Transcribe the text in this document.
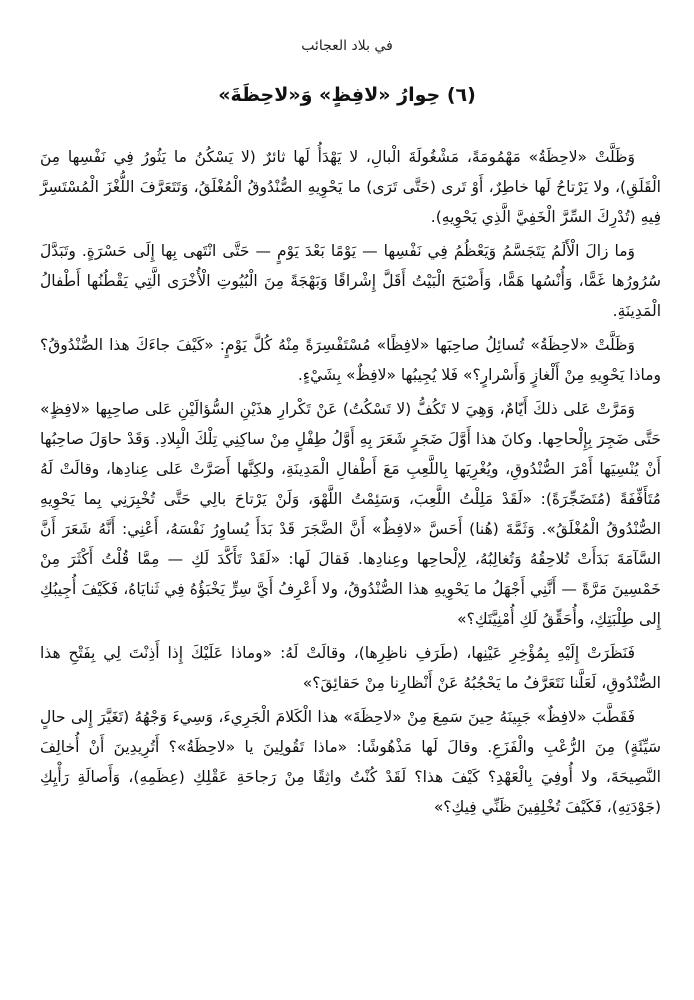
في بلاد العجائب
(٦) حِوارُ «لافِظٍ» وَ«لاحِظَةَ»

وَظَلَّتْ «لاحِظَةُ» مَهْمُومَةً، مَشْغُولَةَ الْبالِ، لا يَهْدَأُ لَها ثائرٌ (لا يَسْكُنُ ما يَثُورُ فِي نَفْسِها مِنَ الْقَلَقِ)، ولا يَرْتاحُ لَها خاطِرٌ، أَوْ تَرى (حَتَّى تَرَى) ما يَحْوِيهِ الصُّنْدُوقُ الْمُغْلَقُ، وَتَتَعَرَّفَ اللُّغْزَ الْمُسْتَسِرَّ فِيهِ (تُدْرِكَ السِّرَّ الْخَفِيَّ الَّذِي يَحْوِيهِ).

وَما زالَ الْأَلَمُ يَتَجَسَّمُ وَيَعْظُمُ فِي نَفْسِها — يَوْمًا بَعْدَ يَوْمٍ — حَتَّى انْتَهى بِها إِلَى حَسْرَةٍ. وتَبَدَّلَ سُرُورُها غَمًّا، وَأُنْسُها هَمًّا، وَأَصْبَحَ الْبَيْتُ أَقَلَّ إِشْراقًا وَبَهْجَةً مِنَ الْبُيُوتِ الْأُخْرَى الَّتِي يَقْطُنُها أَطْفالُ الْمَدِينَةِ.

وَظَلَّتْ «لاحِظَةُ» تُسائِلُ صاحِبَها «لافِظًا» مُسْتَفْسِرَةً مِنْهُ كُلَّ يَوْمٍ: «كَيْفَ جاءَكَ هذا الصُّنْدُوقُ؟ وماذا يَحْوِيهِ مِنْ أَلْغازٍ وَأَسْرارٍ؟» فَلا يُجِيبُها «لافِظٌ» بِشَيْءٍ.

وَمَرَّتْ عَلى ذلكَ أَيّامٌ، وَهِيَ لا تَكُفُّ (لا تَسْكُتُ) عَنْ تَكْرارِ هذَيْنِ السُّؤالَيْنِ عَلى صاحِبِها «لافِظٍ» حَتَّى ضَجِرَ بِإِلْحاحِها. وكانَ هذا أَوَّلَ ضَجَرٍ شَعَرَ بِهِ أَوَّلُ طِفْلٍ مِنْ ساكِنِي تِلْكَ الْبِلادِ. وَقَدْ حاوَلَ صاحِبُها أَنْ يُنْسِيَها أَمْرَ الصُّنْدُوقِ، ويُغْرِيَها بِاللَّعِبِ مَعَ أَطْفالِ الْمَدِينَةِ، ولكِنَّها أَصَرَّتْ عَلى عِنادِها، وقالَتْ لَهُ مُتَأَفِّفَةً (مُتَضَجِّرَةً): «لَقَدْ مَلِلْتُ اللَّعِبَ، وَسَئِمْتُ اللَّهْوَ، وَلَنْ يَرْتاحَ بالِي حَتَّى تُخْبِرَنِي بِما يَحْوِيهِ الصُّنْدُوقُ الْمُغْلَقُ». وَثَمَّةَ (هُنا) أَحَسَّ «لافِظٌ» أَنَّ الضَّجَرَ قَدْ بَدَأَ يُساوِرُ نَفْسَهُ، أَعْنِي: أَنَّهُ شَعَرَ أَنَّ السَّآمَةَ بَدَأَتْ تُلاحِقُهُ وَتُغالِبُهُ، لِإلْحاحِها وعِنادِها. فَقالَ لَها: «لَقَدْ تَأَكَّدَ لَكِ — مِمَّا قُلْتُ أَكْثَرَ مِنْ خَمْسِينَ مَرَّةً — أَنَّنِي أَجْهَلُ ما يَحْوِيهِ هذا الصُّنْدُوقُ، ولا أَعْرِفُ أَيَّ سِرٍّ يَخْبَؤُهُ فِي ثَنايَاهُ، فَكَيْفَ أُجِيبُكِ إِلى طِلْبَتِكِ، وأُحَقِّقُ لَكِ أُمْنِيَّتَكِ؟»

فَنَظَرَتْ إِلَيْهِ بِمُؤْخِرِ عَيْنِها، (طَرَفِ ناظِرِها)، وقالَتْ لَهُ: «وماذا عَلَيْكَ إِذا أَذِنْتَ لِي بِفَتْحِ هذا الصُّنْدُوقِ، لَعَلَّنا نَتَعَرَّفُ ما يَحْجُبُهُ عَنْ أَنْظارِنا مِنْ حَقائِقَ؟»

فَقَطَّبَ «لافِظٌ» جَبِينَهُ حِينَ سَمِعَ مِنْ «لاحِظَةَ» هذا الْكَلامَ الْجَرِيءَ، وَسِيءَ وَجْهُهُ (تَغَيَّرَ إِلى حالٍ سَيِّئَةٍ) مِنَ الرُّعْبِ والْفَزَعِ. وقالَ لَها مَذْهُوشًا: «ماذا تَقُولِينَ يا «لاحِظَةُ»؟ أَتُرِيدِينَ أَنْ أُخالِفَ النَّصِيحَةَ، ولا أُوفِيَ بِالْعَهْدِ؟ كَيْفَ هذا؟ لَقَدْ كُنْتُ واثِقًا مِنْ رَجاحَةِ عَقْلِكِ (عِظَمِهِ)، وَأَصالَةِ رَأْيِكِ (جَوْدَتِهِ)، فَكَيْفَ تُخْلِفِينَ ظَنِّي فِيكِ؟»
